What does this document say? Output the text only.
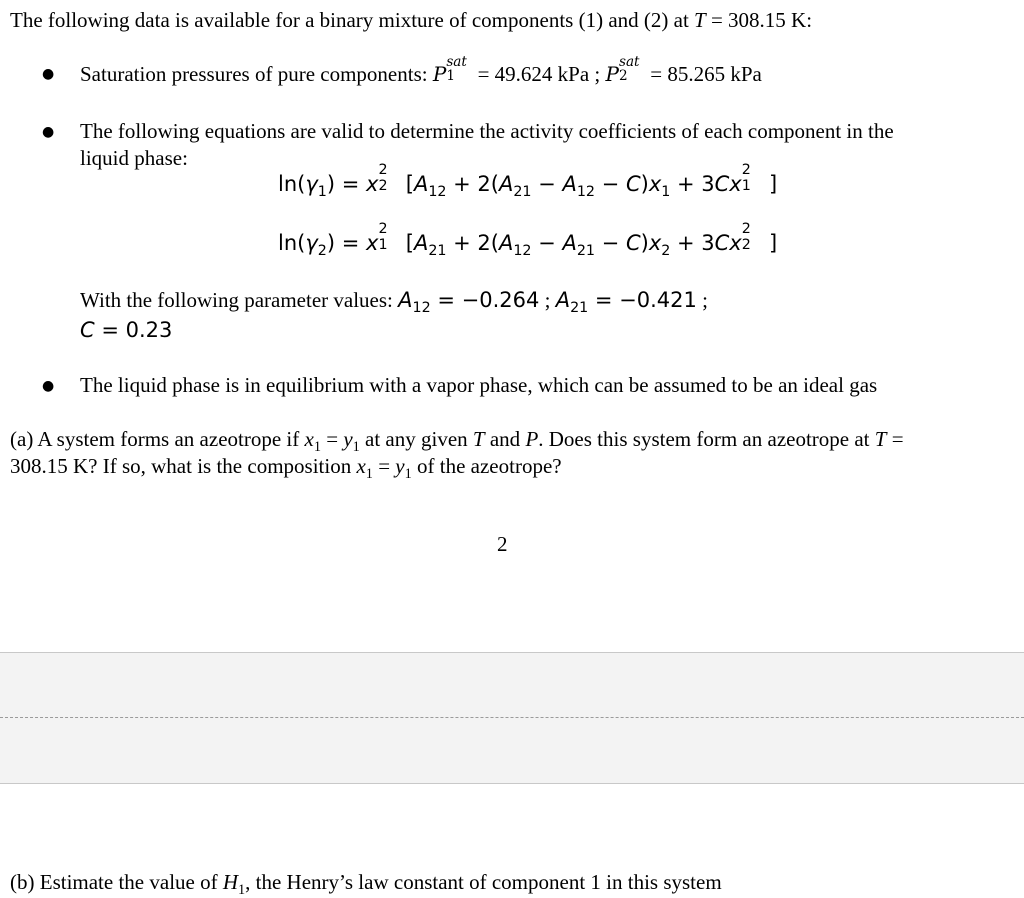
The following data is available for a binary mixture of components (1) and (2) at T = 308.15 K:
● Saturation pressures of pure components: P
sat
1 = 49.624 kPa ; P
sat
2 = 85.265 kPa
● The following equations are valid to determine the activity coefficients of each component in the
liquid phase:
$\ln(\gamma_1) = x$
2
2 [$A_{12} + 2(A_{21} - A_{12} - C)x_1 + 3Cx$
2
1 ]
$\ln(\gamma_2) = x$
2
1 [$A_{21} + 2(A_{12} - A_{21} - C)x_2 + 3Cx$
2
2 ]
With the following parameter values: $A_{12} = -0.264$ ; $A_{21} = -0.421$ ;
C = 0.23
● The liquid phase is in equilibrium with a vapor phase, which can be assumed to be an ideal gas
(a) A system forms an azeotrope if $x_1 = y_1$ at any given T and P. Does this system form an azeotrope at T =
308.15 K? If so, what is the composition $x_1 = y_1$ of the azeotrope?
2
(b) Estimate the value of $H_1$, the Henry’s law constant of component 1 in this system
